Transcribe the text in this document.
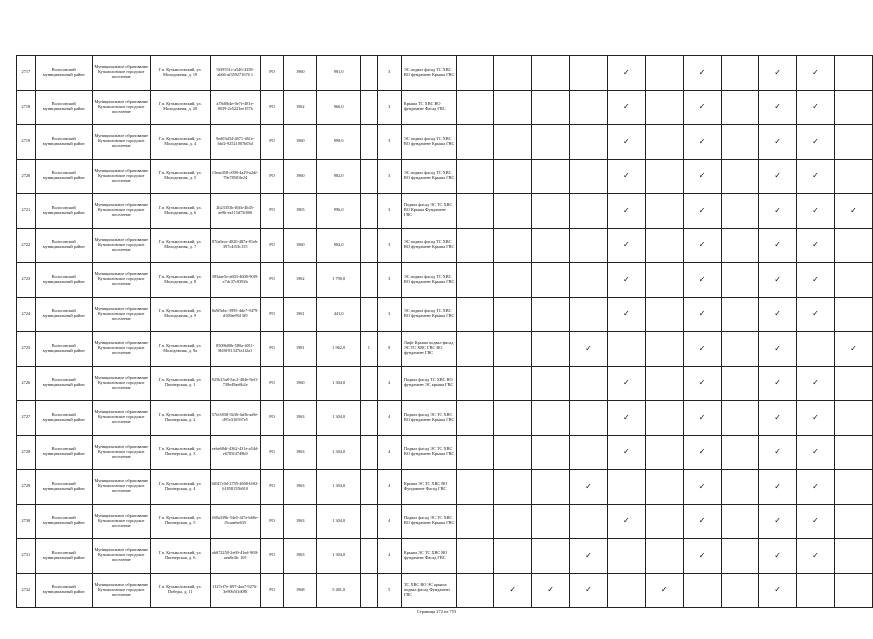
2717	Волосовский муниципальный район	Муниципальное образование Кузьмоловское городское поселение	Г.п. Кузьмоловский, ул. Молодежная, д. 19	9f39551c-a546-4358-ab66-af359271676 1	РО	1960	981,0		3	ЭС подвал фасад ТС ХВС ВО фундамент Крыша ГВС					✓		✓		✓	✓	
2718	Волосовский муниципальный район	Муниципальное образование Кузьмоловское городское поселение	Г.п. Кузьмоловский, ул. Молодежная, д. 20	a78d0b4e-0e7e-481e-8039-2e5221ee157b	РО	1962	966,0		3	Крыша ТС ХВС ВО фундамент Фасад ГВС					✓		✓		✓	✓	
2719	Волосовский муниципальный район	Муниципальное образование Кузьмоловское городское поселение	Г.п. Кузьмоловский, ул. Молодежная, д. 4	9ed03d34-4671-461e-bbf2-92521007b03d	РО	1960	998,0		3	ЭС подвал фасад ТС ХВС ВО фундамент Крыша ГВС					✓		✓		✓	✓	
2720	Волосовский муниципальный район	Муниципальное образование Кузьмоловское городское поселение	Г.п. Кузьмоловский, ул. Молодежная, д. 5	f3eae458-c098-4a29-a2df-79e785f0fe24	РО	1960	982,0		3	ЭС подвал фасад ТС ХВС ВО фундамент Крыша ГВС					✓		✓		✓	✓	
2721	Волосовский муниципальный район	Муниципальное образование Кузьмоловское городское поселение	Г.п. Кузьмоловский, ул. Молодежная, д. 6	2b23353b-f04b-4645-ae9b-ea115d75f000	РО	1965	996,0		3	Подвал фасад ЭС ТС ХВС ВО Крыша Фундамент ГВС					✓		✓		✓	✓	✓
2722	Волосовский муниципальный район	Муниципальное образование Кузьмоловское городское поселение	Г.п. Кузьмоловский, ул. Молодежная, д. 7	87fa0ece-4020-487a-81eb-397c4f53c155	РО	1960	982,0		3	ЭС подвал фасад ТС ХВС ВО фундамент Крыша ГВС					✓		✓		✓	✓	
2723	Волосовский муниципальный район	Муниципальное образование Кузьмоловское городское поселение	Г.п. Кузьмоловский, ул. Молодежная, д. 8	393aae5e-a603-4608-90f9-e7dc37c8392b	РО	1962	1 790,0		3	ЭС подвал фасад ТС ХВС ВО фундамент Крыша ГВС					✓		✓		✓	✓	
2724	Волосовский муниципальный район	Муниципальное образование Кузьмоловское городское поселение	Г.п. Кузьмоловский, ул. Молодежная, д. 9	8a9f5ebc-3995-4de7-9479-d109ae9613f9	РО	1961	441,0		3	ЭС подвал фасад ТС ХВС ВО фундамент Крыша ГВС					✓		✓		✓	✓	
2725	Волосовский муниципальный район	Муниципальное образование Кузьмоловское городское поселение	Г.п. Кузьмоловский, ул. Молодежная, д. 9а	8509b00b-580a-4011-8b98-81347fa1f2a1	РО	1981	1 962,0	1	9	Лифт Крыша подвал фасад ЭС ТС ХВС ГВС ВО фундамент ГВС				✓			✓		✓		✓
2726	Волосовский муниципальный район	Муниципальное образование Кузьмоловское городское поселение	Г.п. Кузьмоловский, ул. Пионерская, д. 1	925b15a8-5ac2-404e-9ef1-738e49ae6b2e	РО	1960	1 304,0		4	Подвал фасад ТС ХВС ВО фундамент ЭС крыша ГВС					✓		✓		✓	✓	
2727	Волосовский муниципальный район	Муниципальное образование Кузьмоловское городское поселение	Г.п. Кузьмоловский, ул. Пионерская, д. 2	57fe3838-5b36-4a0b-aa9e-d91e316597e5	РО	1963	1 304,0		4	Подвал фасад ЭС ТС ХВС ВО фундамент Крыша ГВС					✓		✓		✓	✓	
2728	Волосовский муниципальный район	Муниципальное образование Кузьмоловское городское поселение	Г.п. Кузьмоловский, ул. Пионерская, д. 3	eebe68df-4362-431e-a54d-e6705f4749b9	РО	1963	1 304,0		4	Подвал фасад ЭС ТС ХВС ВО фундамент Крыша ГВС					✓		✓		✓	✓	
2729	Волосовский муниципальный район	Муниципальное образование Кузьмоловское городское поселение	Г.п. Кузьмоловский, ул. Пионерская, д. 4	6f047c9d-2795-4608-b9f2-61858155b910	РО	1963	1 304,0		4	Крыша ЭС ТС ХВС ВО Фундамент Фасад ГВС				✓			✓		✓	✓	
2730	Волосовский муниципальный район	Муниципальное образование Кузьмоловское городское поселение	Г.п. Кузьмоловский, ул. Пионерская, д. 5	f68a339b-54e5-4f7a-b60e-f5caaebe635	РО	1963	1 304,0		4	Подвал фасад ЭС ТС ХВС ВО фундамент Крыша ГВС					✓		✓		✓	✓	
2731	Волосовский муниципальный район	Муниципальное образование Кузьмоловское городское поселение	Г.п. Кузьмоловский, ул. Пионерская, д. 6	ab672250-2e69-41ed-9f8f-aea8e4fc 105	РО	1963	1 304,0		4	Крыша ЭС ТС ХВС ВО фундамент Фасад ГВС				✓			✓		✓	✓	
2732	Волосовский муниципальный район	Муниципальное образование Кузьмоловское городское поселение	Г.п. Кузьмоловский, ул. Победы, д. 11	f127ef7e-ff97-4aa7-9276-3e90b5f1d08f	РО	1968	5 481,0		5	ТС ХВС ВО ЭС крыша подвал фасад Фундамент ГВС		✓	✓	✓		✓			✓		
Страница 272 из 753
